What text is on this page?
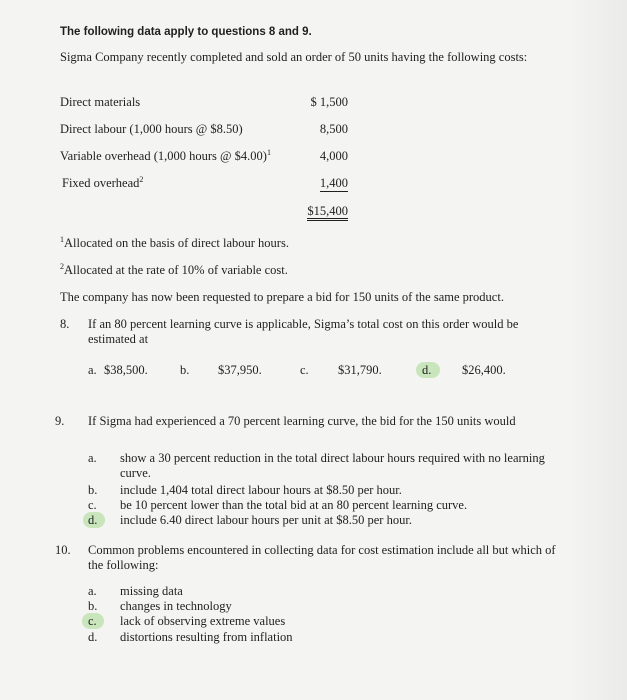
The following data apply to questions 8 and 9.
Sigma Company recently completed and sold an order of 50 units having the following costs:
Direct materials	$ 1,500
Direct labour (1,000 hours @ $8.50)	8,500
Variable overhead (1,000 hours @ $4.00)$^1$	4,000
Fixed overhead$^2$	1,400
$15,400
$^1$Allocated on the basis of direct labour hours.
$^2$Allocated at the rate of 10% of variable cost.
The company has now been requested to prepare a bid for 150 units of the same product.
8. If an 80 percent learning curve is applicable, Sigma’s total cost on this order would be estimated at
a. $38,500.	b. $37,950.	c. $31,790.	d. $26,400.
9. If Sigma had experienced a 70 percent learning curve, the bid for the 150 units would
a. show a 30 percent reduction in the total direct labour hours required with no learning curve.
b. include 1,404 total direct labour hours at $8.50 per hour.
c. be 10 percent lower than the total bid at an 80 percent learning curve.
d. include 6.40 direct labour hours per unit at $8.50 per hour.
10. Common problems encountered in collecting data for cost estimation include all but which of the following:
a. missing data
b. changes in technology
c. lack of observing extreme values
d. distortions resulting from inflation
